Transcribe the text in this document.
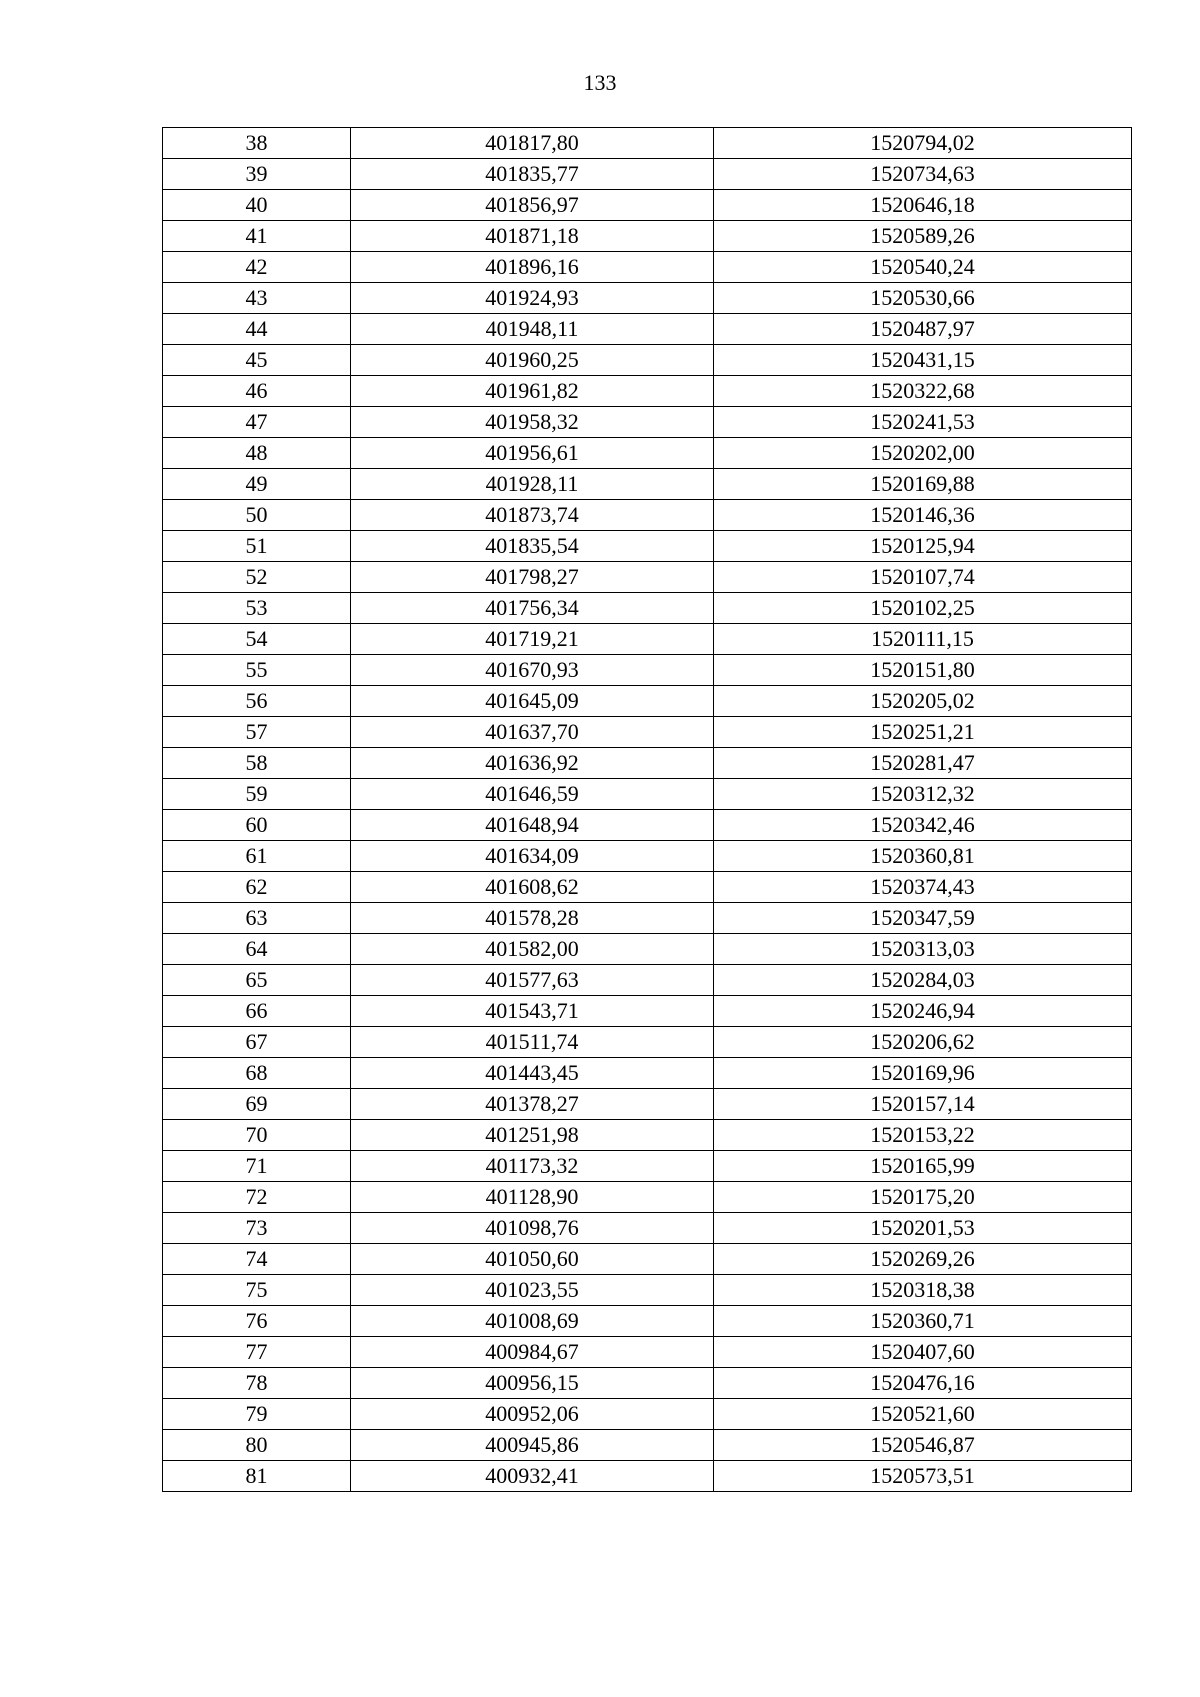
133
38	401817,80	1520794,02
39	401835,77	1520734,63
40	401856,97	1520646,18
41	401871,18	1520589,26
42	401896,16	1520540,24
43	401924,93	1520530,66
44	401948,11	1520487,97
45	401960,25	1520431,15
46	401961,82	1520322,68
47	401958,32	1520241,53
48	401956,61	1520202,00
49	401928,11	1520169,88
50	401873,74	1520146,36
51	401835,54	1520125,94
52	401798,27	1520107,74
53	401756,34	1520102,25
54	401719,21	1520111,15
55	401670,93	1520151,80
56	401645,09	1520205,02
57	401637,70	1520251,21
58	401636,92	1520281,47
59	401646,59	1520312,32
60	401648,94	1520342,46
61	401634,09	1520360,81
62	401608,62	1520374,43
63	401578,28	1520347,59
64	401582,00	1520313,03
65	401577,63	1520284,03
66	401543,71	1520246,94
67	401511,74	1520206,62
68	401443,45	1520169,96
69	401378,27	1520157,14
70	401251,98	1520153,22
71	401173,32	1520165,99
72	401128,90	1520175,20
73	401098,76	1520201,53
74	401050,60	1520269,26
75	401023,55	1520318,38
76	401008,69	1520360,71
77	400984,67	1520407,60
78	400956,15	1520476,16
79	400952,06	1520521,60
80	400945,86	1520546,87
81	400932,41	1520573,51
